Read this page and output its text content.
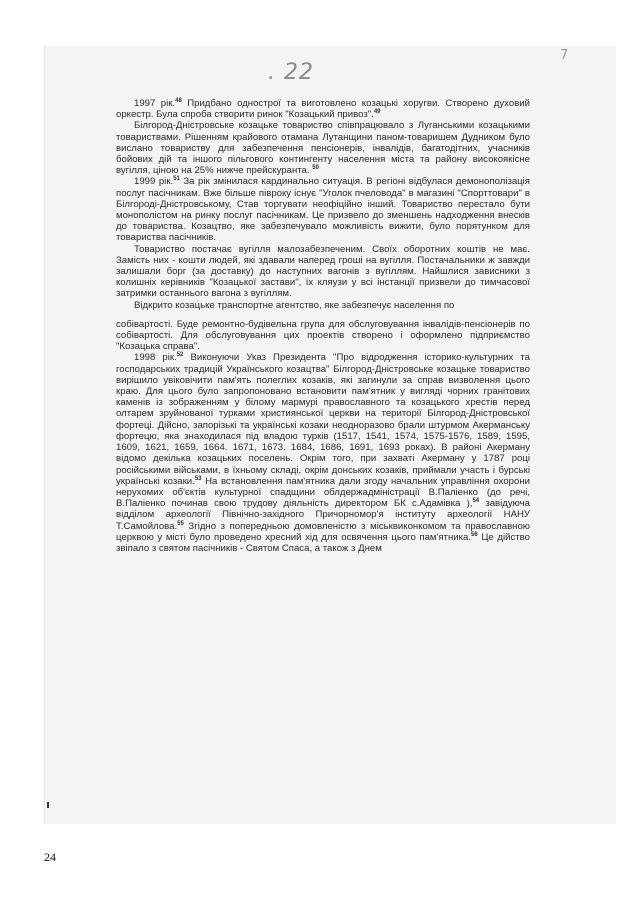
. 22
7

1997 рік.$^{48}$ Придбано однострої та виготовлено козацькі хоругви. Створено духовий оркестр. Була спроба створити ринок "Козацький привоз".$^{49}$

Білгород-Дністровське козацьке товариство співпрацювало з Луганськими козацькими товариствами. Рішенням крайового отамана Лутанщини паном-товаришем Дудником було вислано товариству для забезпечення пенсіонерів, інвалідів, багатодітних, учасників бойових дій та іншого пільгового контингенту населення міста та району високоякісне вугілля, ціною на 25% нижче прейскуранта. $^{50}$

1999 рік.$^{51}$ За рік змінилася кардинально ситуація. В регіоні відбулася демонополізація послуг пасічникам. Вже більше півроку існує "Уголок пчеловода" в магазині "Спорттовари" в Білгороді-Дністровському, Став торгувати неофіційно інший. Товариство перестало бути монополістом на ринку послуг пасічникам. Це призвело до зменшень надходження внесків до товариства. Козацтво, яке забезпечувало можливість вижити, було порятунком для товариства пасічників.

Товариство постачає вугілля малозабезпеченим. Своїх оборотних коштів не має. Замість них - кошти людей, які здавали наперед гроші на вугілля. Постачальники ж завжди залишали борг (за доставку) до наступних вагонів з вугіллям. Найшлися зависники з колишніх керівників "Козацької застави", їх кляузи у всі інстанції призвели до тимчасової затримки останнього вагона з вугіллям.

Відкрито козацьке транспортне агентство, яке забезпечує населення по

собівартості. Буде ремонтно-будівельна група для обслуговування інвалідів-пенсіонерів по собівартості. Для обслуговування цих проектів створено і оформлено підприємство "Козацька справа".

1998 рік.$^{52}$ Виконуючи Указ Президента "Про відродження історико-культурних та господарських традицій Українського козацтва" Білгород-Дністровське козацьке товариство вирішило увіковічити пам'ять полеглих козаків, які загинули за справ визволення цього краю. Для цього було запропоновано встановити пам'ятник у вигляді чорних гранітових каменів із зображенням у білому мармурі православного та козацького хрестів перед олтарем зруйнованої турками християнської церкви на території Білгород-Дністровської фортеці. Дійсно, запорізькі та українські козаки неодноразово брали штурмом Акерманську фортецю, яка знаходилася під владою турків (1517, 1541, 1574, 1575-1576, 1589, 1595, 1609, 1621, 1659, 1664. 1671, 1673. 1684, 1686, 1691, 1693 роках). В районі Акерману відомо декілька козацьких поселень. Окрім того, при захваті Акерману у 1787 році російськими військами, в їхньому складі, окрім донських козаків, приймали участь і бурські українські козаки.$^{53}$ На встановлення пам'ятника дали згоду начальник управління охорони нерухомих об'єктів культурної спадщини облдержадміністрації В.Паліенко (до речі, В.Паліенко починав свою трудову діяльність директором БК с.Адамівка ),$^{54}$ завідуюча відділом археології Північно-західного Причорномор'я інституту археології НАНУ Т.Самойлова.$^{55}$ Згідно з попередньою домовленістю з міськвиконкомом та православною церквою у місті було проведено хресний хід для освячення цього пам'ятника.$^{56}$ Це дійство звіпало з святом пасічників - Святом Спаса, а також з Днем

24
